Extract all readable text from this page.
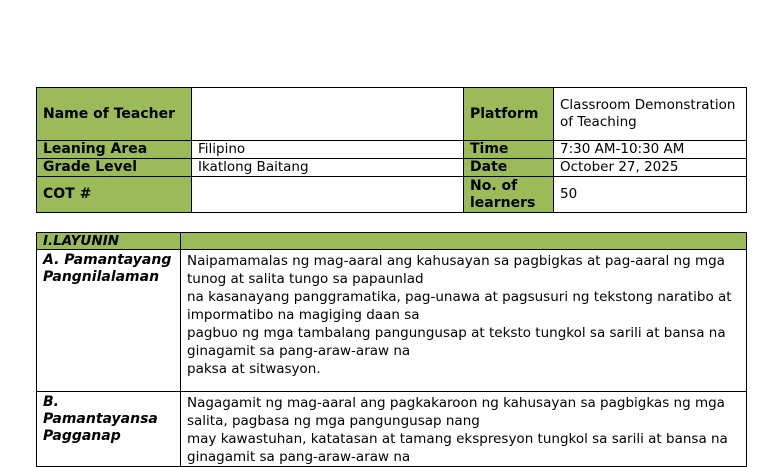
Name of Teacher		Platform	Classroom Demonstration of Teaching
Leaning Area	Filipino	Time	7:30 AM-10:30 AM
Grade Level	Ikatlong Baitang	Date	October 27, 2025
COT #		No. of learners	50
I.LAYUNIN	
A. Pamantayang Pangnilalaman	Naipamamalas ng mag-aaral ang kahusayan sa pagbigkas at pag-aaral ng mga tunog at salita tungo sa papaunlad
na kasanayang panggramatika, pag-unawa at pagsusuri ng tekstong naratibo at impormatibo na magiging daan sa
pagbuo ng mga tambalang pangungusap at teksto tungkol sa sarili at bansa na ginagamit sa pang-araw-araw na
paksa at sitwasyon.

B. Pamantayansa Pagganap	Nagagamit ng mag-aaral ang pagkakaroon ng kahusayan sa pagbigkas ng mga salita, pagbasa ng mga pangungusap nang
may kawastuhan, katatasan at tamang ekspresyon tungkol sa sarili at bansa na ginagamit sa pang-araw-araw na
